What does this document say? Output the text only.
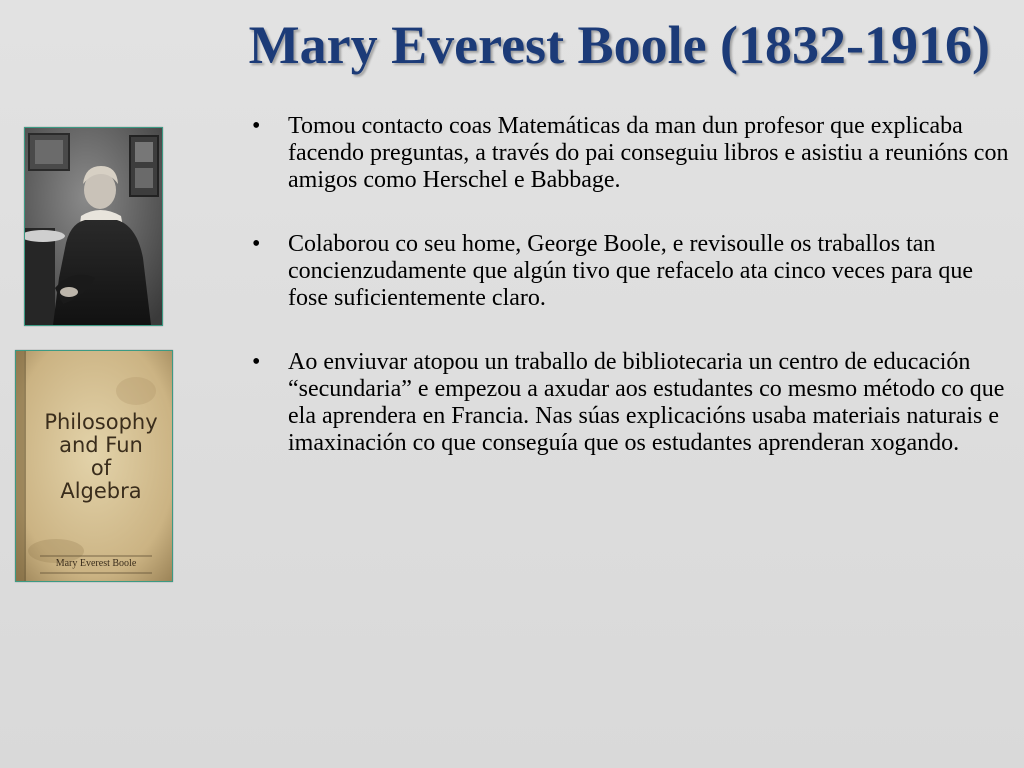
Mary Everest Boole (1832-1916)
Philosophy
and Fun
of
Algebra
Mary Everest Boole
• Tomou contacto coas Matemáticas da man dun profesor que explicaba facendo preguntas, a través do pai conseguiu libros e asistiu a reunións con amigos como Herschel e Babbage.
• Colaborou co seu home, George Boole, e revisoulle os traballos tan concienzudamente que algún tivo que refacelo ata cinco veces para que fose suficientemente claro.
• Ao enviuvar atopou un traballo de bibliotecaria un centro de educación “secundaria” e empezou a axudar aos estudantes co mesmo método co que ela aprendera en Francia. Nas súas explicacións usaba materiais naturais e imaxinación co que conseguía que os estudantes aprenderan xogando.
